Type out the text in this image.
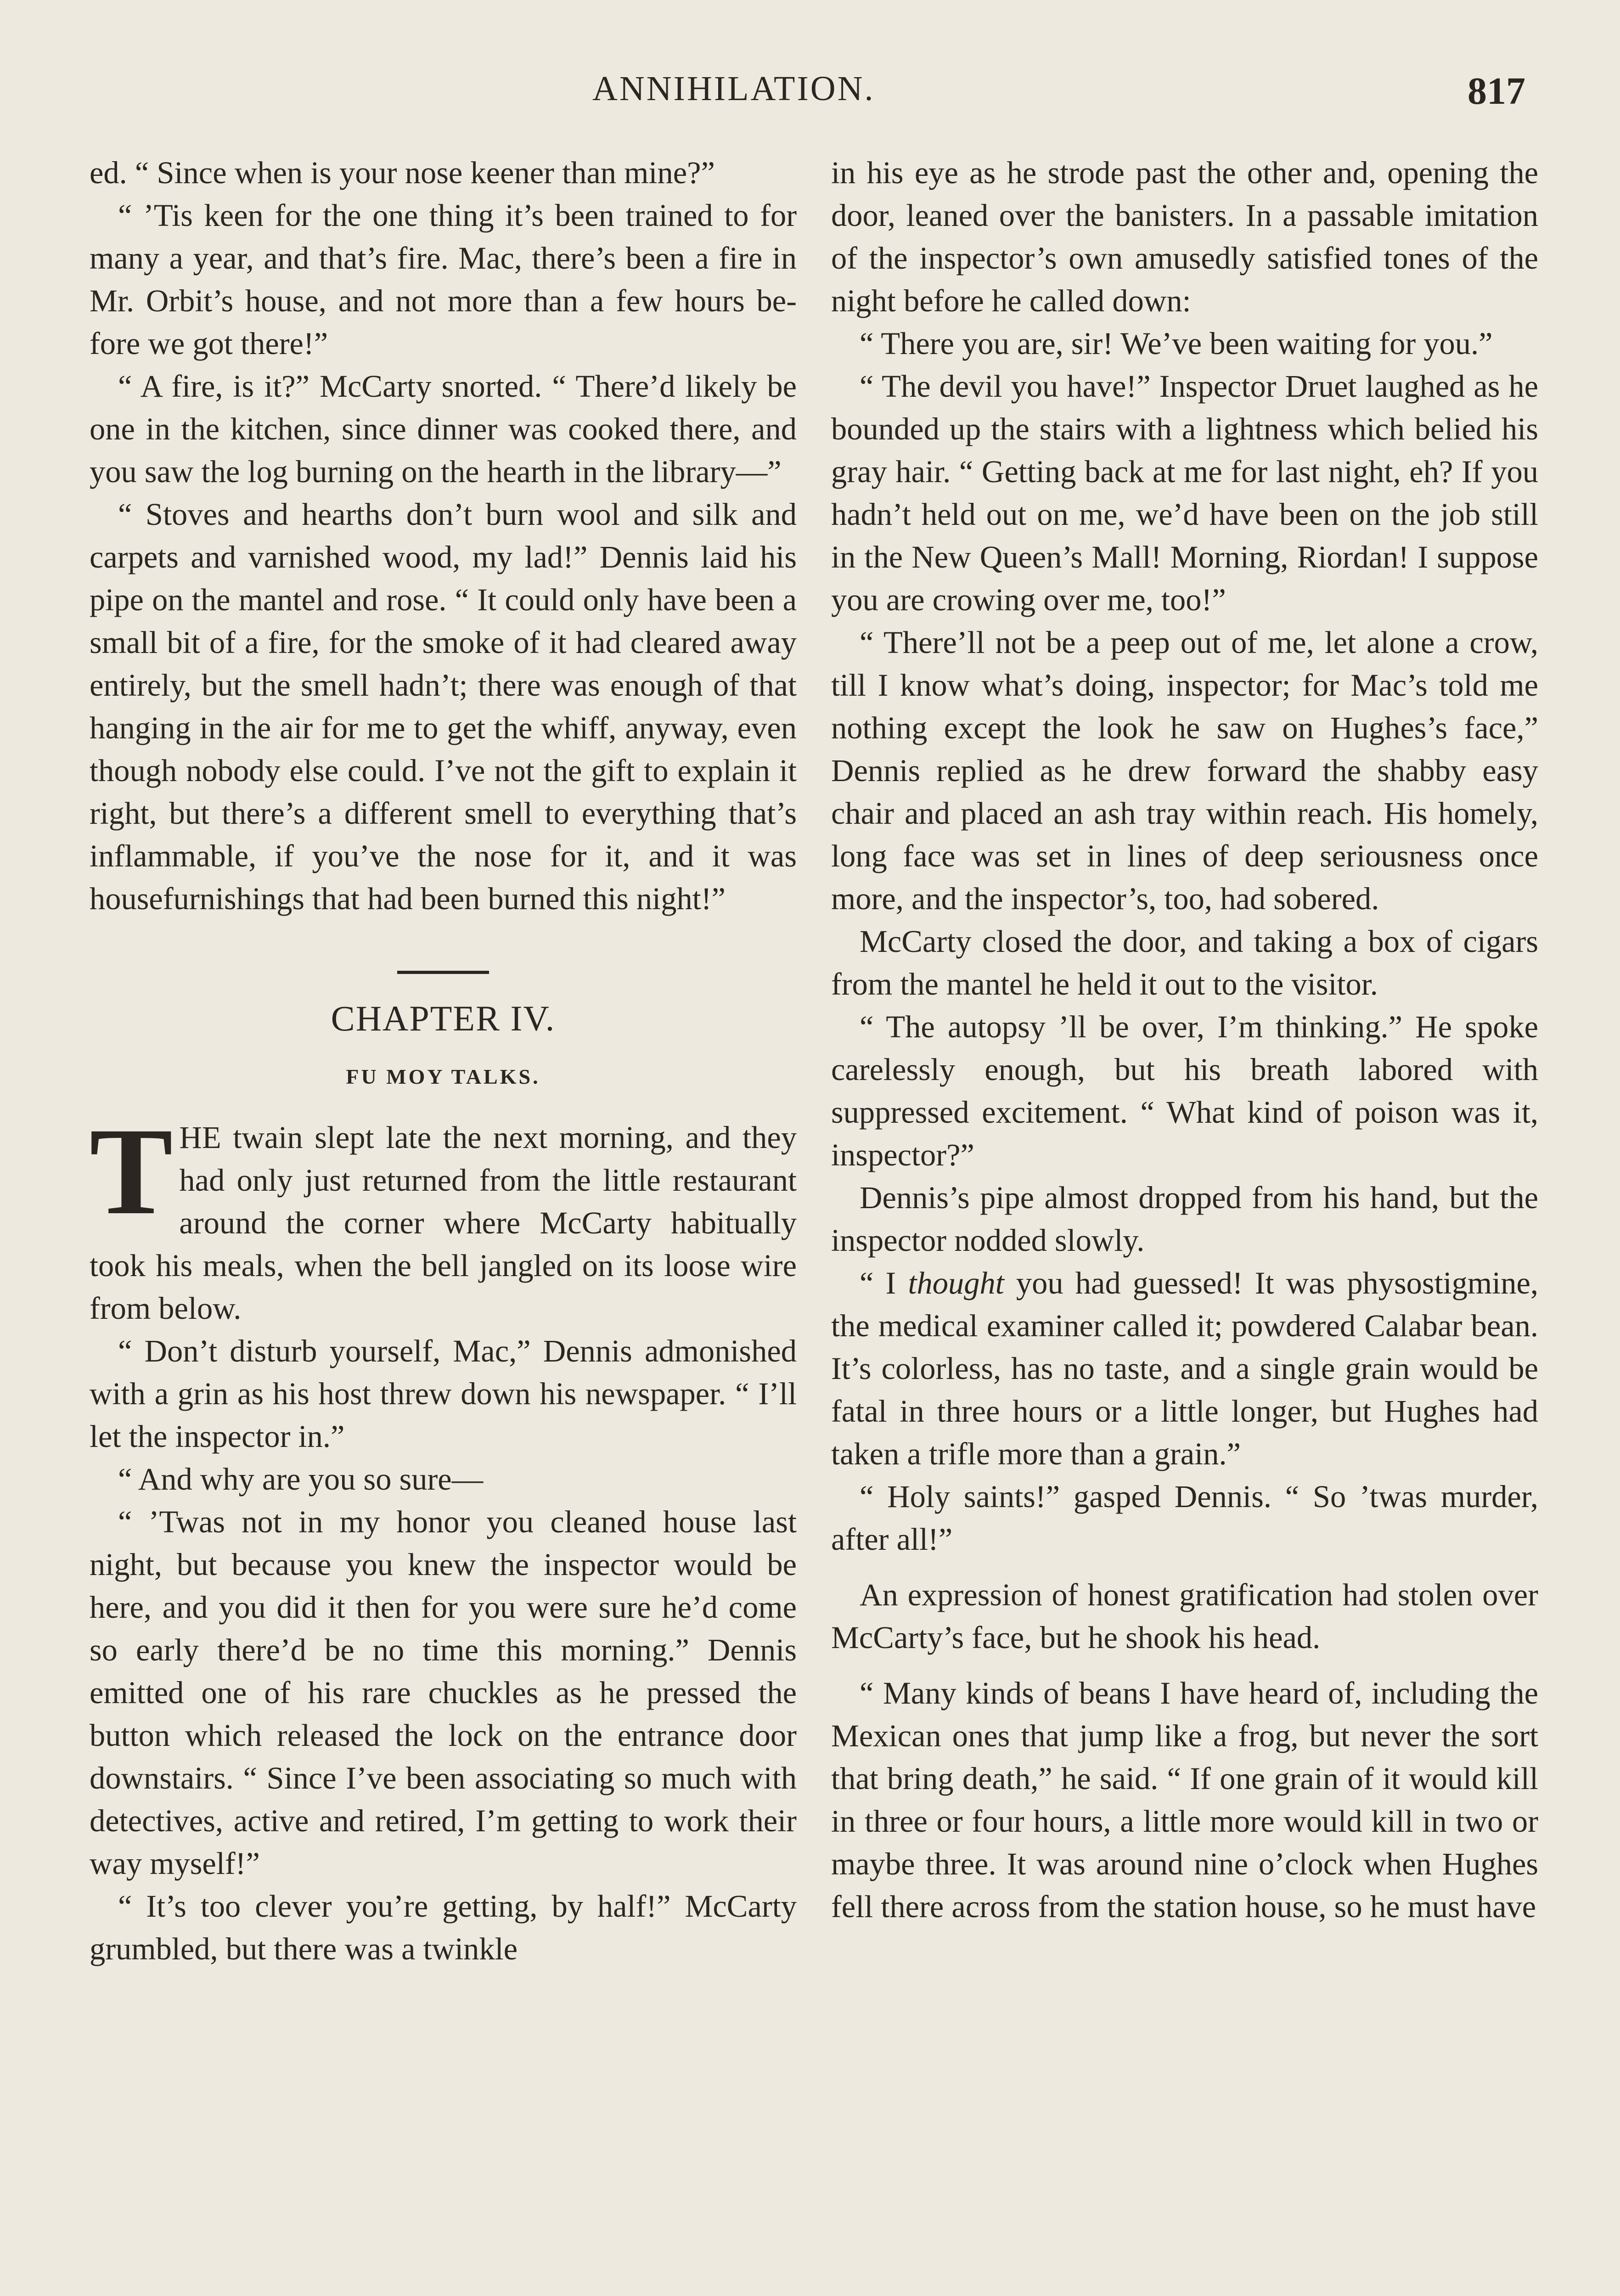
ANNIHILATION.	817

ed. “ Since when is your nose keener than mine?”

“ ’Tis keen for the one thing it’s been trained to for many a year, and that’s fire. Mac, there’s been a fire in Mr. Orbit’s house, and not more than a few hours before we got there!”

“ A fire, is it?” McCarty snorted. “ There’d likely be one in the kitchen, since dinner was cooked there, and you saw the log burning on the hearth in the library—”

“ Stoves and hearths don’t burn wool and silk and carpets and varnished wood, my lad!” Dennis laid his pipe on the mantel and rose. “ It could only have been a small bit of a fire, for the smoke of it had cleared away entirely, but the smell hadn’t; there was enough of that hanging in the air for me to get the whiff, anyway, even though nobody else could. I’ve not the gift to explain it right, but there’s a different smell to everything that’s inflammable, if you’ve the nose for it, and it was housefurnishings that had been burned this night!”

CHAPTER IV.
FU MOY TALKS.

THE twain slept late the next morning, and they had only just returned from the little restaurant around the corner where McCarty habitually took his meals, when the bell jangled on its loose wire from below.

“ Don’t disturb yourself, Mac,” Dennis admonished with a grin as his host threw down his newspaper. “ I’ll let the inspector in.”

“ And why are you so sure—

“ ’Twas not in my honor you cleaned house last night, but because you knew the inspector would be here, and you did it then for you were sure he’d come so early there’d be no time this morning.” Dennis emitted one of his rare chuckles as he pressed the button which released the lock on the entrance door downstairs. “ Since I’ve been associating so much with detectives, active and retired, I’m getting to work their way myself!”

“ It’s too clever you’re getting, by half!” McCarty grumbled, but there was a twinkle

in his eye as he strode past the other and, opening the door, leaned over the banisters. In a passable imitation of the inspector’s own amusedly satisfied tones of the night before he called down:

“ There you are, sir! We’ve been waiting for you.”

“ The devil you have!” Inspector Druet laughed as he bounded up the stairs with a lightness which belied his gray hair. “ Getting back at me for last night, eh? If you hadn’t held out on me, we’d have been on the job still in the New Queen’s Mall! Morning, Riordan! I suppose you are crowing over me, too!”

“ There’ll not be a peep out of me, let alone a crow, till I know what’s doing, inspector; for Mac’s told me nothing except the look he saw on Hughes’s face,” Dennis replied as he drew forward the shabby easy chair and placed an ash tray within reach. His homely, long face was set in lines of deep seriousness once more, and the inspector’s, too, had sobered.

McCarty closed the door, and taking a box of cigars from the mantel he held it out to the visitor.

“ The autopsy ’ll be over, I’m thinking.” He spoke carelessly enough, but his breath labored with suppressed excitement. “ What kind of poison was it, inspector?”

Dennis’s pipe almost dropped from his hand, but the inspector nodded slowly.

“ I thought you had guessed! It was physostigmine, the medical examiner called it; powdered Calabar bean. It’s colorless, has no taste, and a single grain would be fatal in three hours or a little longer, but Hughes had taken a trifle more than a grain.”

“ Holy saints!” gasped Dennis. “ So ’twas murder, after all!”

An expression of honest gratification had stolen over McCarty’s face, but he shook his head.

“ Many kinds of beans I have heard of, including the Mexican ones that jump like a frog, but never the sort that bring death,” he said. “ If one grain of it would kill in three or four hours, a little more would kill in two or maybe three. It was around nine o’clock when Hughes fell there across from the station house, so he must have
